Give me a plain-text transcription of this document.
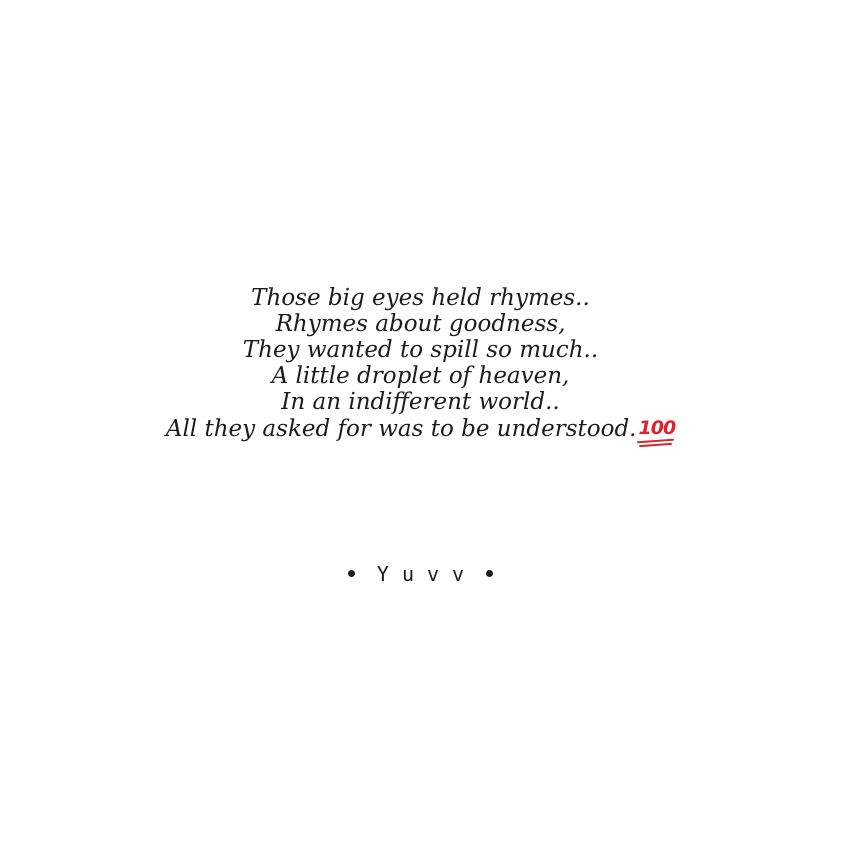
Those big eyes held rhymes..
Rhymes about goodness,
They wanted to spill so much..
A little droplet of heaven,
In an indifferent world..
All they asked for was to be understood. 100
Yuvv
